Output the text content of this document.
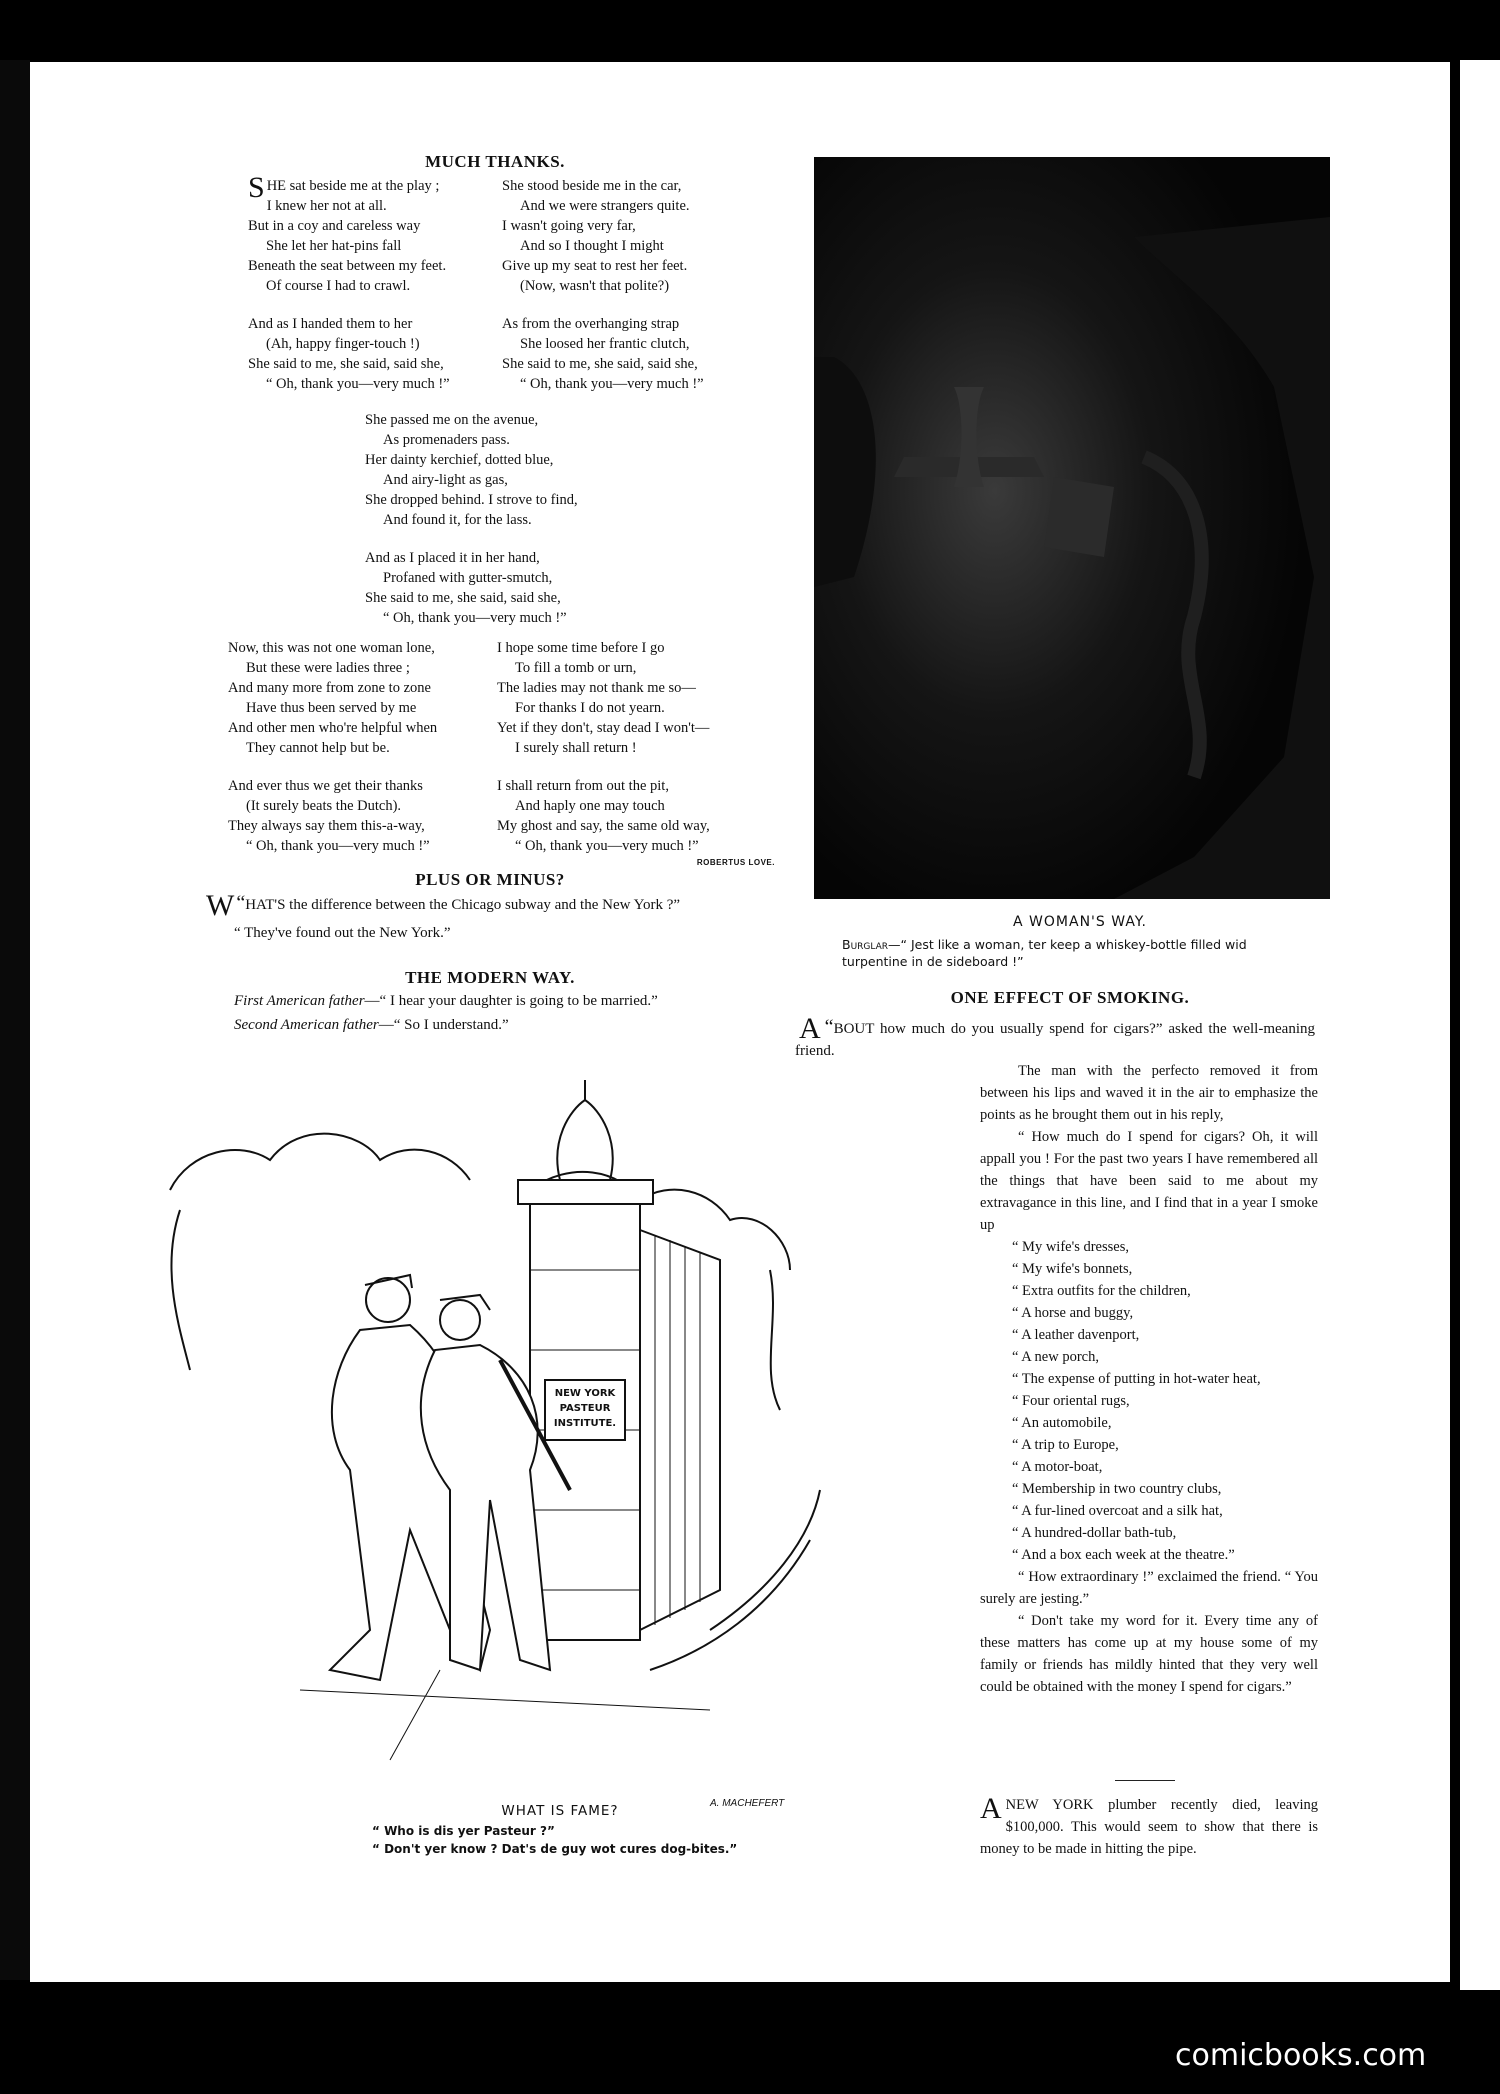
MUCH THANKS.
SHE sat beside me at the play ;
I knew her not at all.
But in a coy and careless way
She let her hat-pins fall
Beneath the seat between my feet.
Of course I had to crawl.
And as I handed them to her
(Ah, happy finger-touch !)
She said to me, she said, said she,
“ Oh, thank you—very much !”
She stood beside me in the car,
And we were strangers quite.
I wasn't going very far,
And so I thought I might
Give up my seat to rest her feet.
(Now, wasn't that polite?)
As from the overhanging strap
She loosed her frantic clutch,
She said to me, she said, said she,
“ Oh, thank you—very much !”
She passed me on the avenue,
As promenaders pass.
Her dainty kerchief, dotted blue,
And airy-light as gas,
She dropped behind. I strove to find,
And found it, for the lass.
And as I placed it in her hand,
Profaned with gutter-smutch,
She said to me, she said, said she,
“ Oh, thank you—very much !”
Now, this was not one woman lone,
But these were ladies three ;
And many more from zone to zone
Have thus been served by me
And other men who're helpful when
They cannot help but be.
And ever thus we get their thanks
(It surely beats the Dutch).
They always say them this-a-way,
“ Oh, thank you—very much !”
I hope some time before I go
To fill a tomb or urn,
The ladies may not thank me so—
For thanks I do not yearn.
Yet if they don't, stay dead I won't—
I surely shall return !
I shall return from out the pit,
And haply one may touch
My ghost and say, the same old way,
“ Oh, thank you—very much !”
ROBERTUS LOVE.
PLUS OR MINUS?
“
W HAT'S the difference between the Chicago subway and the New York ?”
“ They've found out the New York.”
THE MODERN WAY.
First American father—“ I hear your daughter is going to be married.”
Second American father—“ So I understand.”
A WOMAN'S WAY.
Burglar—“ Jest like a woman, ter keep a whiskey-bottle filled wid turpentine in de sideboard !”
ONE EFFECT OF SMOKING.
“
A BOUT how much do you usually spend for cigars?” asked the well-meaning friend.
The man with the perfecto removed it from between his lips and waved it in the air to emphasize the points as he brought them out in his reply,
“ How much do I spend for cigars? Oh, it will appall you ! For the past two years I have remembered all the things that have been said to me about my extravagance in this line, and I find that in a year I smoke up
“ My wife's dresses,
“ My wife's bonnets,
“ Extra outfits for the children,
“ A horse and buggy,
“ A leather davenport,
“ A new porch,
“ The expense of putting in hot-water heat,
“ Four oriental rugs,
“ An automobile,
“ A trip to Europe,
“ A motor-boat,
“ Membership in two country clubs,
“ A fur-lined overcoat and a silk hat,
“ A hundred-dollar bath-tub,
“ And a box each week at the theatre.”
“ How extraordinary !” exclaimed the friend. “ You surely are jesting.”
“ Don't take my word for it. Every time any of these matters has come up at my house some of my family or friends has mildly hinted that they very well could be obtained with the money I spend for cigars.”
ANEW YORK plumber recently died, leaving $100,000. This would seem to show that there is money to be made in hitting the pipe.
NEW YORK
PASTEUR
INSTITUTE.
A. MACHEFERT
WHAT IS FAME?
“ Who is dis yer Pasteur ?”
“ Don't yer know ? Dat's de guy wot cures dog-bites.”
comicbooks.com
